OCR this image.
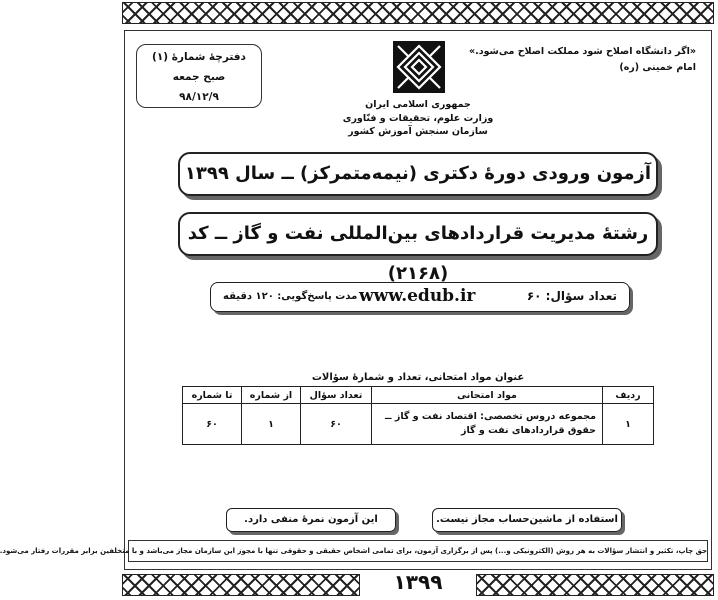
«اگر دانشگاه اصلاح شود مملکت اصلاح می‌شود.»
امام خمینی (ره)
دفترچهٔ شمارهٔ (۱)
صبح جمعه
۹۸/۱۲/۹
جمهوری اسلامی ایران
وزارت علوم، تحقیقات و فنّاوری
سازمان سنجش آموزش کشور
آزمون ورودی دورهٔ دکتری (نیمه‌متمرکز) ــ سال ۱۳۹۹
رشتهٔ مدیریت قراردادهای بین‌المللی نفت و گاز ــ کد (۲۱۶۸)
تعداد سؤال: ۶۰
www.edub.ir
مدت پاسخ‌گویی: ۱۲۰ دقیقه
عنوان مواد امتحانی، تعداد و شمارهٔ سؤالات
ردیف	مواد امتحانی	تعداد سؤال	از شماره	تا شماره
۱	مجموعه دروس تخصصی: اقتصاد نفت و گاز ــ حقوق قراردادهای نفت و گاز	۶۰	۱	۶۰
استفاده از ماشین‌حساب مجاز نیست.
این آزمون نمرهٔ منفی دارد.
حق چاپ، تکثیر و انتشار سؤالات به هر روش (الکترونیکی و...) پس از برگزاری آزمون، برای تمامی اشخاص حقیقی و حقوقی تنها با مجوز این سازمان مجاز می‌باشد و با متخلفین برابر مقررات رفتار می‌شود.
۱۳۹۹
